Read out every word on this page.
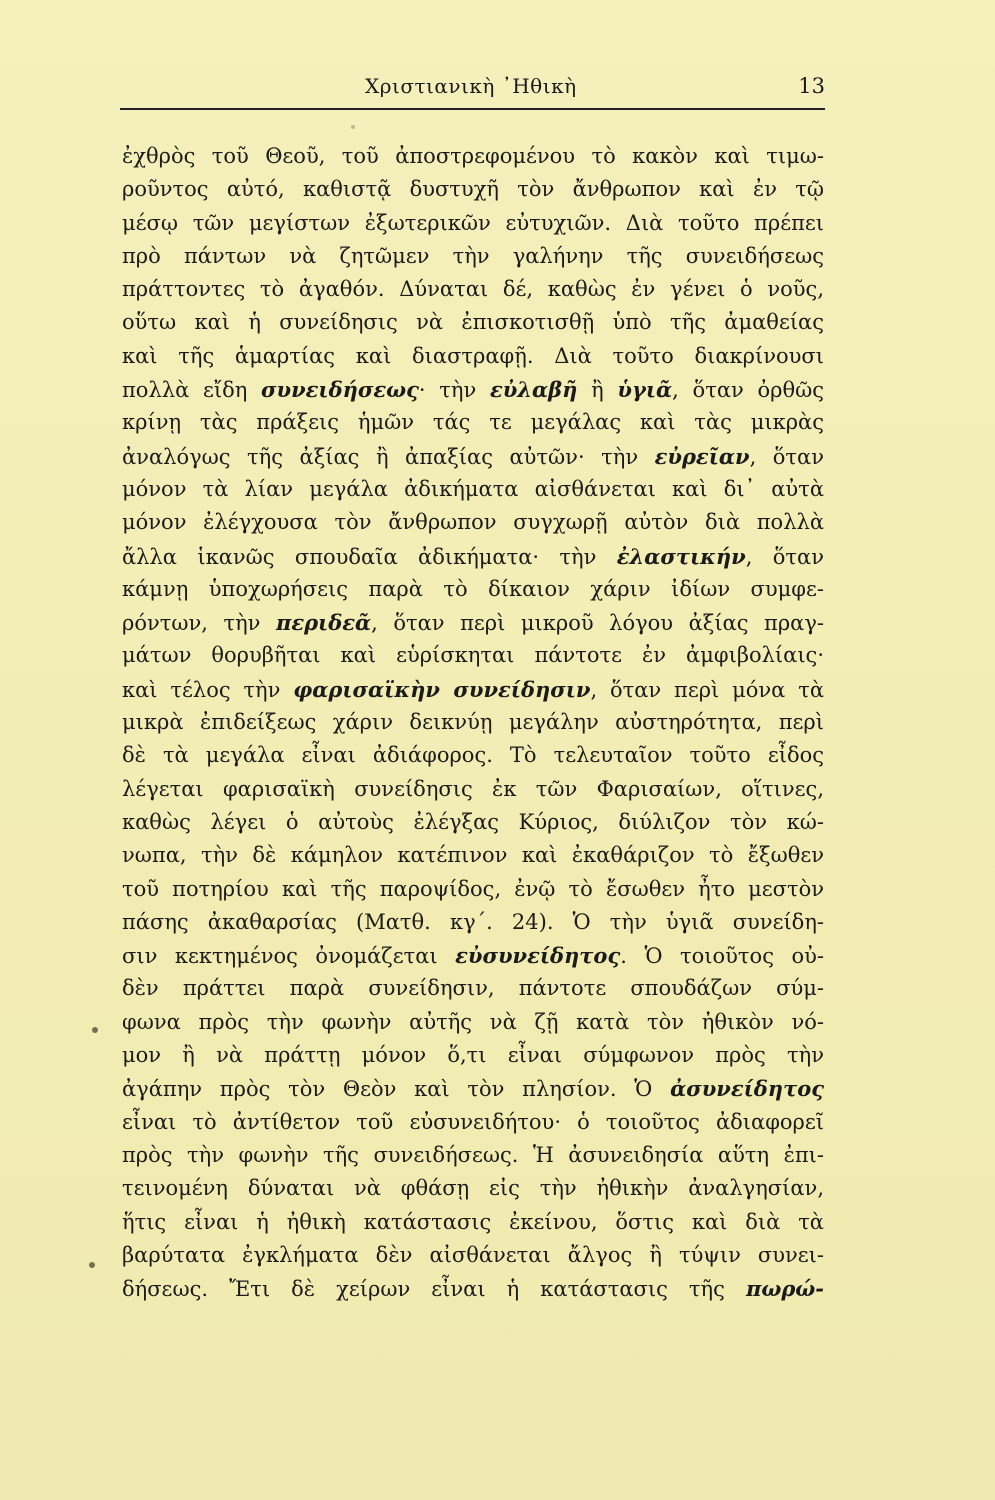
Χριστιανικὴ ᾿Ηθικὴ	13
ἐχθρὸς τοῦ Θεοῦ, τοῦ ἀποστρεφομένου τὸ κακὸν καὶ τιμω-
ροῦντος αὐτό, καθιστᾷ δυστυχῆ τὸν ἄνθρωπον καὶ ἐν τῷ
μέσῳ τῶν μεγίστων ἐξωτερικῶν εὐτυχιῶν. Διὰ τοῦτο πρέπει
πρὸ πάντων νὰ ζητῶμεν τὴν γαλήνην τῆς συνειδήσεως
πράττοντες τὸ ἀγαθόν. Δύναται δέ, καθὼς ἐν γένει ὁ νοῦς,
οὕτω καὶ ἡ συνείδησις νὰ ἐπισκοτισθῇ ὑπὸ τῆς ἀμαθείας
καὶ τῆς ἁμαρτίας καὶ διαστραφῇ. Διὰ τοῦτο διακρίνουσι
πολλὰ εἴδη συνειδήσεως· τὴν εὐλαβῆ ἢ ὑγιᾶ, ὅταν ὀρθῶς
κρίνῃ τὰς πράξεις ἡμῶν τάς τε μεγάλας καὶ τὰς μικρὰς
ἀναλόγως τῆς ἀξίας ἢ ἀπαξίας αὐτῶν· τὴν εὐρεῖαν, ὅταν
μόνον τὰ λίαν μεγάλα ἀδικήματα αἰσθάνεται καὶ δι᾿ αὐτὰ
μόνον ἐλέγχουσα τὸν ἄνθρωπον συγχωρῇ αὐτὸν διὰ πολλὰ
ἄλλα ἱκανῶς σπουδαῖα ἀδικήματα· τὴν ἐλαστικήν, ὅταν
κάμνῃ ὑποχωρήσεις παρὰ τὸ δίκαιον χάριν ἰδίων συμφε-
ρόντων, τὴν περιδεᾶ, ὅταν περὶ μικροῦ λόγου ἀξίας πραγ-
μάτων θορυβῆται καὶ εὑρίσκηται πάντοτε ἐν ἀμφιβολίαις·
καὶ τέλος τὴν φαρισαϊκὴν συνείδησιν, ὅταν περὶ μόνα τὰ
μικρὰ ἐπιδείξεως χάριν δεικνύῃ μεγάλην αὐστηρότητα, περὶ
δὲ τὰ μεγάλα εἶναι ἀδιάφορος. Τὸ τελευταῖον τοῦτο εἶδος
λέγεται φαρισαϊκὴ συνείδησις ἐκ τῶν Φαρισαίων, οἵτινες,
καθὼς λέγει ὁ αὐτοὺς ἐλέγξας Κύριος, διύλιζον τὸν κώ-
νωπα, τὴν δὲ κάμηλον κατέπινον καὶ ἐκαθάριζον τὸ ἔξωθεν
τοῦ ποτηρίου καὶ τῆς παροψίδος, ἐνῷ τὸ ἔσωθεν ἦτο μεστὸν
πάσης ἀκαθαρσίας (Ματθ. κγ΄. 24). Ὁ τὴν ὑγιᾶ συνείδη-
σιν κεκτημένος ὀνομάζεται εὐσυνείδητος. Ὁ τοιοῦτος οὐ-
δὲν πράττει παρὰ συνείδησιν, πάντοτε σπουδάζων σύμ-
φωνα πρὸς τὴν φωνὴν αὐτῆς νὰ ζῇ κατὰ τὸν ἠθικὸν νό-
μον ἢ νὰ πράττῃ μόνον ὅ,τι εἶναι σύμφωνον πρὸς τὴν
ἀγάπην πρὸς τὸν Θεὸν καὶ τὸν πλησίον. Ὁ ἀσυνείδητος
εἶναι τὸ ἀντίθετον τοῦ εὐσυνειδήτου· ὁ τοιοῦτος ἀδιαφορεῖ
πρὸς τὴν φωνὴν τῆς συνειδήσεως. Ἡ ἀσυνειδησία αὕτη ἐπι-
τεινομένη δύναται νὰ φθάσῃ εἰς τὴν ἠθικὴν ἀναλγησίαν,
ἥτις εἶναι ἡ ἠθικὴ κατάστασις ἐκείνου, ὅστις καὶ διὰ τὰ
βαρύτατα ἐγκλήματα δὲν αἰσθάνεται ἄλγος ἢ τύψιν συνει-
δήσεως. Ἔτι δὲ χείρων εἶναι ἡ κατάστασις τῆς πωρώ-
